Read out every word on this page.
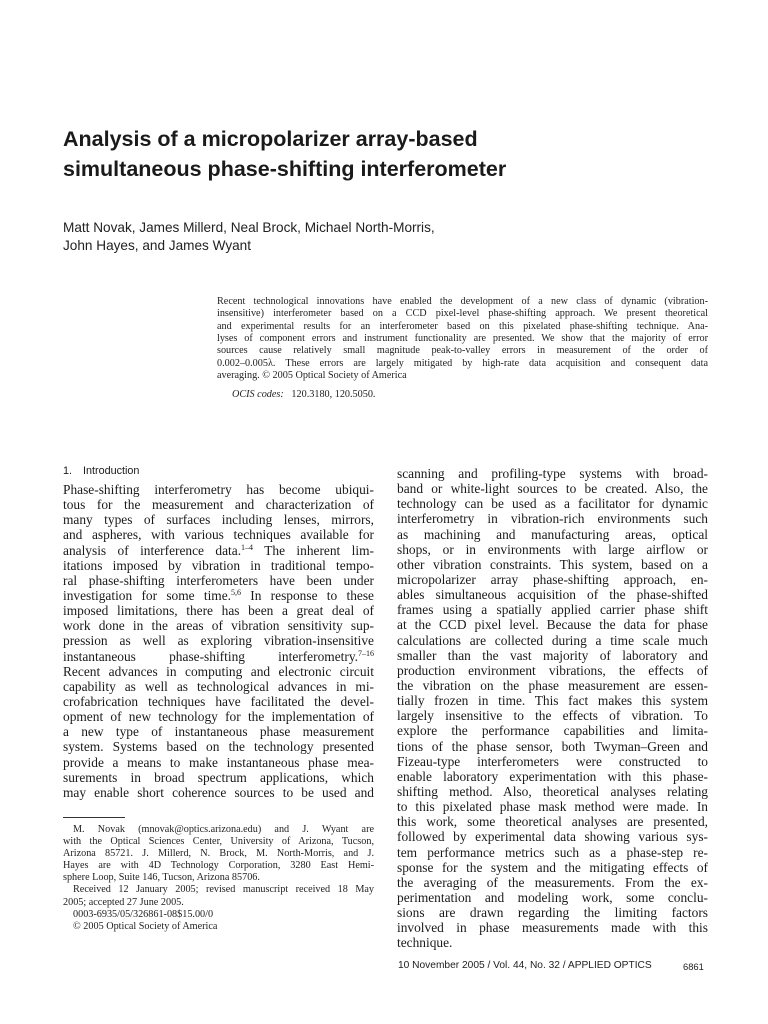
Analysis of a micropolarizer array-based
simultaneous phase-shifting interferometer
Matt Novak, James Millerd, Neal Brock, Michael North-Morris,
John Hayes, and James Wyant
Recent technological innovations have enabled the development of a new class of dynamic (vibration-
insensitive) interferometer based on a CCD pixel-level phase-shifting approach. We present theoretical
and experimental results for an interferometer based on this pixelated phase-shifting technique. Ana-
lyses of component errors and instrument functionality are presented. We show that the majority of error
sources cause relatively small magnitude peak-to-valley errors in measurement of the order of
0.002–0.005λ. These errors are largely mitigated by high-rate data acquisition and consequent data
averaging. © 2005 Optical Society of America
OCIS codes: 120.3180, 120.5050.
1. Introduction
Phase-shifting interferometry has become ubiqui-
tous for the measurement and characterization of
many types of surfaces including lenses, mirrors,
and aspheres, with various techniques available for
analysis of interference data.$^{1-4}$ The inherent lim-
itations imposed by vibration in traditional tempo-
ral phase-shifting interferometers have been under
investigation for some time.$^{5,6}$ In response to these
imposed limitations, there has been a great deal of
work done in the areas of vibration sensitivity sup-
pression as well as exploring vibration-insensitive
instantaneous phase-shifting interferometry.$^{7-16}$
Recent advances in computing and electronic circuit
capability as well as technological advances in mi-
crofabrication techniques have facilitated the devel-
opment of new technology for the implementation of
a new type of instantaneous phase measurement
system. Systems based on the technology presented
provide a means to make instantaneous phase mea-
surements in broad spectrum applications, which
may enable short coherence sources to be used and
scanning and profiling-type systems with broad-
band or white-light sources to be created. Also, the
technology can be used as a facilitator for dynamic
interferometry in vibration-rich environments such
as machining and manufacturing areas, optical
shops, or in environments with large airflow or
other vibration constraints. This system, based on a
micropolarizer array phase-shifting approach, en-
ables simultaneous acquisition of the phase-shifted
frames using a spatially applied carrier phase shift
at the CCD pixel level. Because the data for phase
calculations are collected during a time scale much
smaller than the vast majority of laboratory and
production environment vibrations, the effects of
the vibration on the phase measurement are essen-
tially frozen in time. This fact makes this system
largely insensitive to the effects of vibration. To
explore the performance capabilities and limita-
tions of the phase sensor, both Twyman–Green and
Fizeau-type interferometers were constructed to
enable laboratory experimentation with this phase-
shifting method. Also, theoretical analyses relating
to this pixelated phase mask method were made. In
this work, some theoretical analyses are presented,
followed by experimental data showing various sys-
tem performance metrics such as a phase-step re-
sponse for the system and the mitigating effects of
the averaging of the measurements. From the ex-
perimentation and modeling work, some conclu-
sions are drawn regarding the limiting factors
involved in phase measurements made with this
technique.
M. Novak (mnovak@optics.arizona.edu) and J. Wyant are
with the Optical Sciences Center, University of Arizona, Tucson,
Arizona 85721. J. Millerd, N. Brock, M. North-Morris, and J.
Hayes are with 4D Technology Corporation, 3280 East Hemi-
sphere Loop, Suite 146, Tucson, Arizona 85706.
Received 12 January 2005; revised manuscript received 18 May
2005; accepted 27 June 2005.
0003-6935/05/326861-08$15.00/0
© 2005 Optical Society of America
10 November 2005 / Vol. 44, No. 32 / APPLIED OPTICS	6861
